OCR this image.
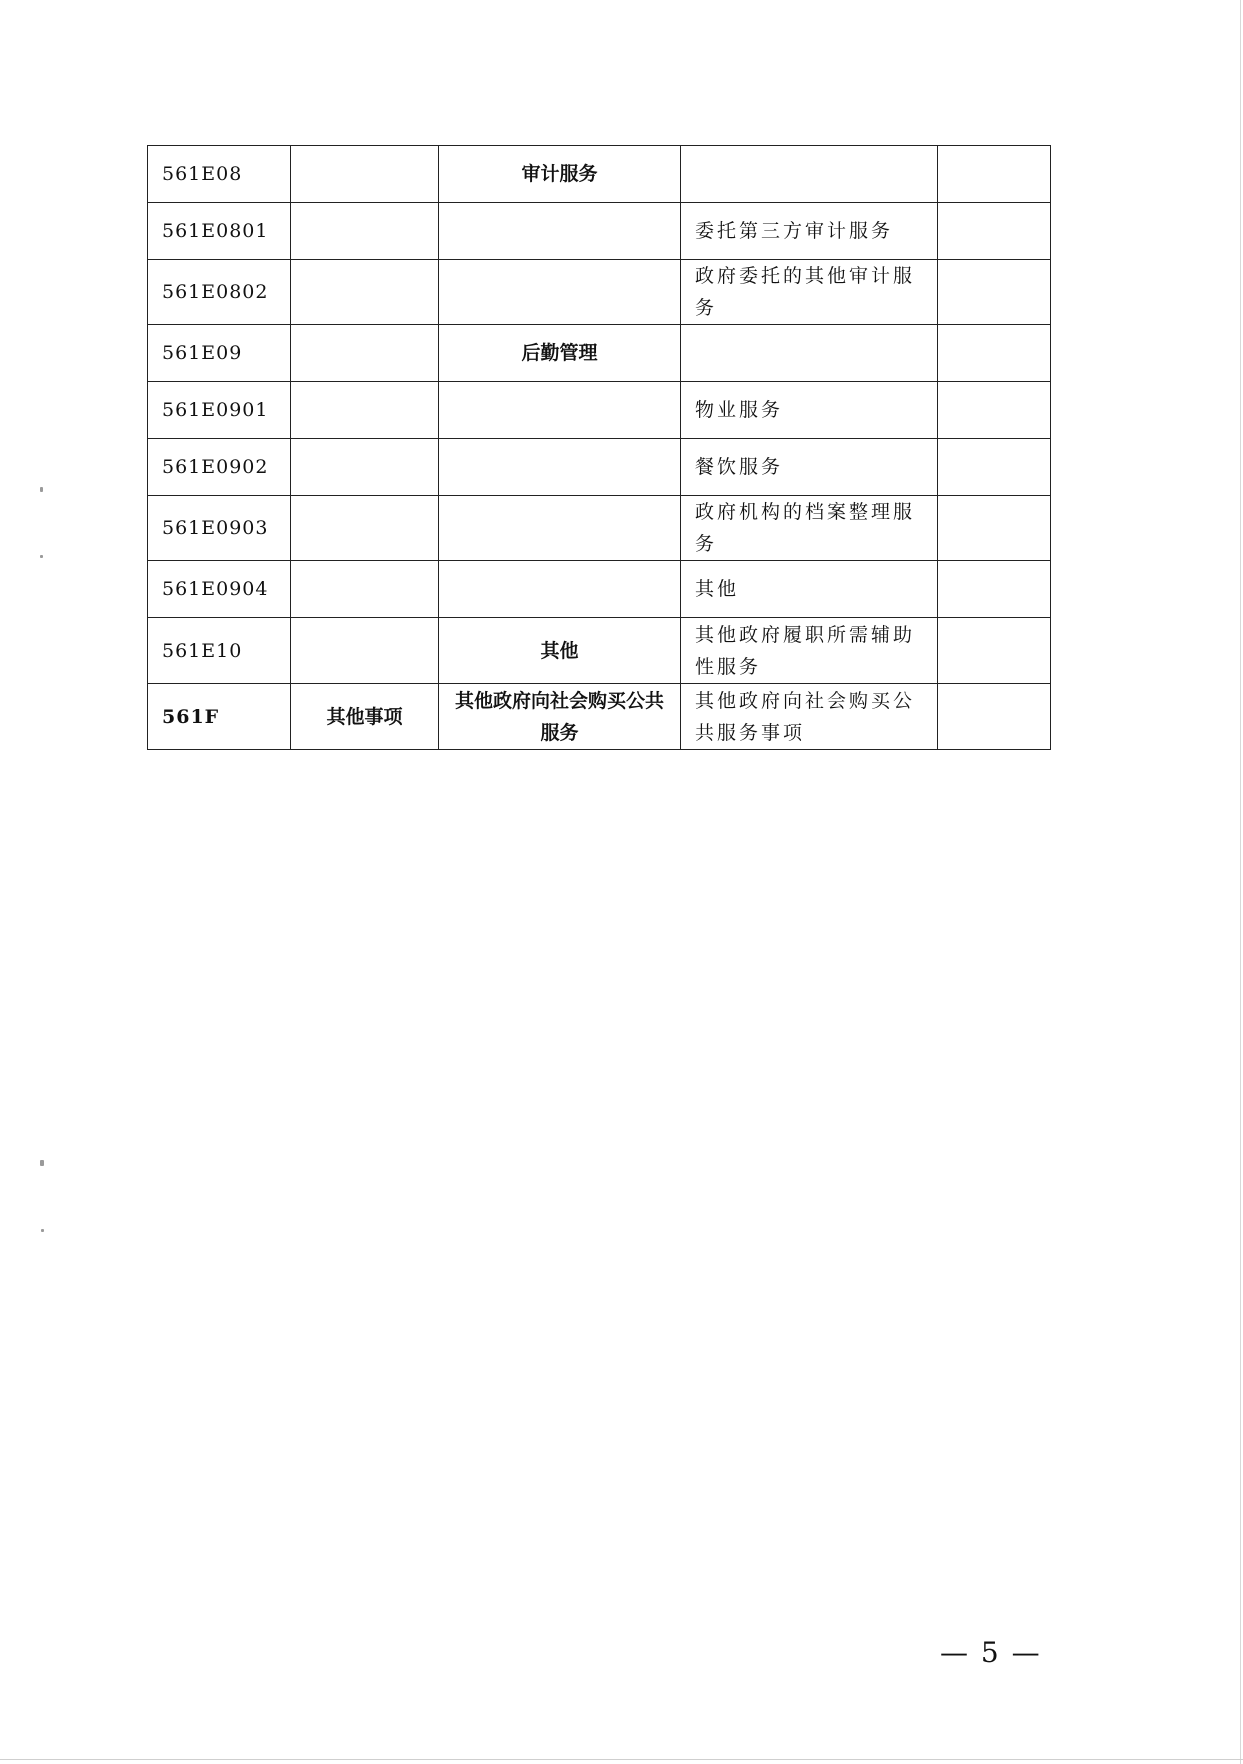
561E08		审计服务		
561E0801			委托第三方审计服务	
561E0802			政府委托的其他审计服务	
561E09		后勤管理		
561E0901			物业服务	
561E0902			餐饮服务	
561E0903			政府机构的档案整理服务	
561E0904			其他	
561E10		其他	其他政府履职所需辅助性服务	
561F	其他事项	其他政府向社会购买公共服务	其他政府向社会购买公共服务事项	
— 5 —
